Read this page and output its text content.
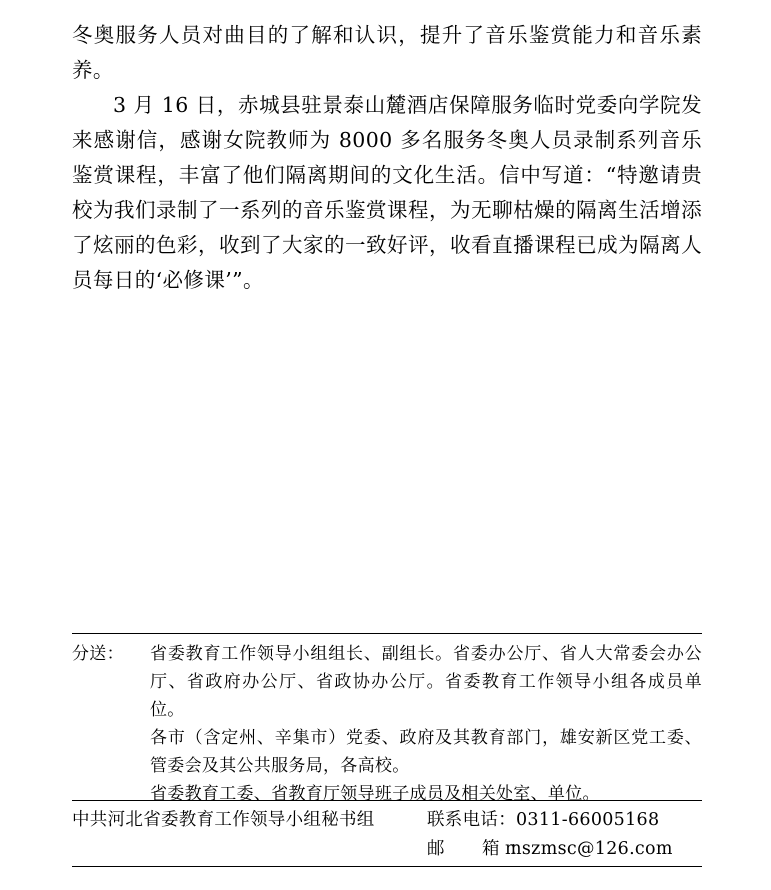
冬奥服务人员对曲目的了解和认识，提升了音乐鉴赏能力和音乐素养。

3 月 16 日，赤城县驻景泰山麓酒店保障服务临时党委向学院发来感谢信，感谢女院教师为 8000 多名服务冬奥人员录制系列音乐鉴赏课程，丰富了他们隔离期间的文化生活。信中写道：“特邀请贵校为我们录制了一系列的音乐鉴赏课程，为无聊枯燥的隔离生活增添了炫丽的色彩，收到了大家的一致好评，收看直播课程已成为隔离人员每日的‘必修课’”。

分送：	省委教育工作领导小组组长、副组长。省委办公厅、省人大常委会办公厅、省政府办公厅、省政协办公厅。省委教育工作领导小组各成员单位。
各市（含定州、辛集市）党委、政府及其教育部门，雄安新区党工委、管委会及其公共服务局，各高校。
省委教育工委、省教育厅领导班子成员及相关处室、单位。
中共河北省委教育工作领导小组秘书组	联系电话：0311-66005168
邮　箱：mszmsc@126.com
